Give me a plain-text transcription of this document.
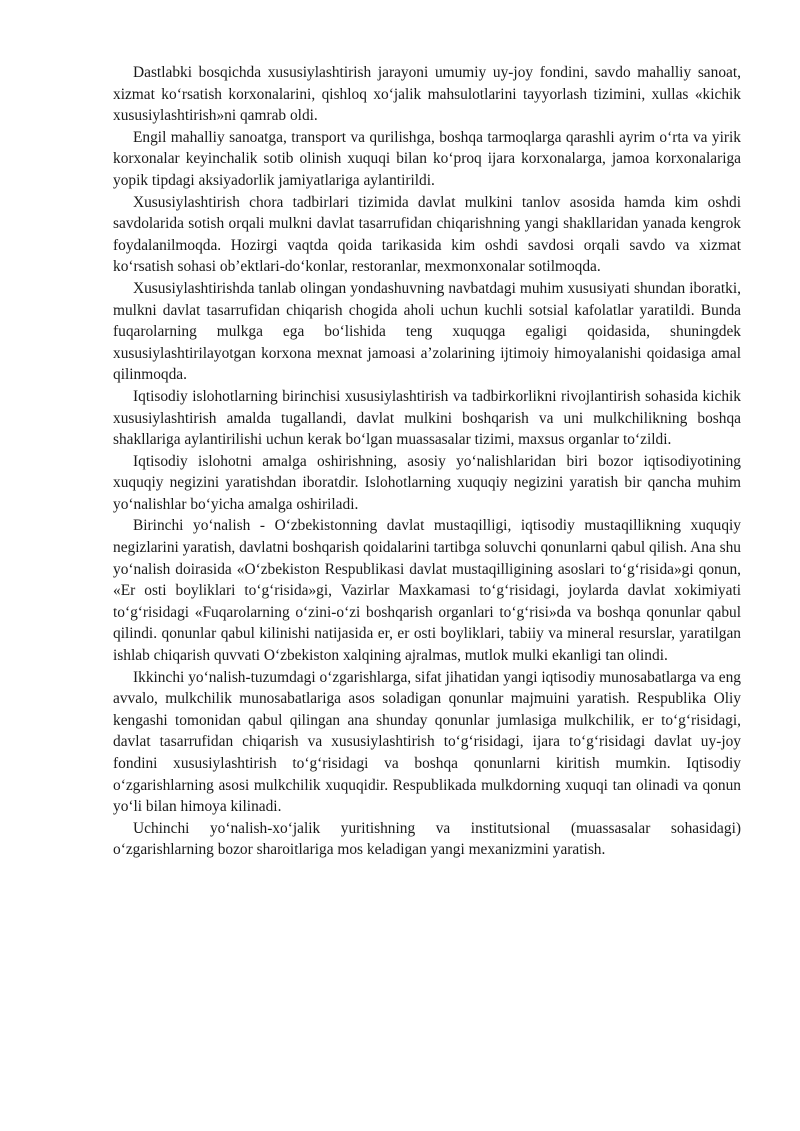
Dastlabki bosqichda xususiylashtirish jarayoni umumiy uy-joy fondini, savdo mahalliy sanoat, xizmat ko‘rsatish korxonalarini, qishloq xo‘jalik mahsulotlarini tayyorlash tizimini, xullas «kichik xususiylashtirish»ni qamrab oldi.

Engil mahalliy sanoatga, transport va qurilishga, boshqa tarmoqlarga qarashli ayrim o‘rta va yirik korxonalar keyinchalik sotib olinish xuquqi bilan ko‘proq ijara korxonalarga, jamoa korxonalariga yopik tipdagi aksiyadorlik jamiyatlariga aylantirildi.

Xususiylashtirish chora tadbirlari tizimida davlat mulkini tanlov asosida hamda kim oshdi savdolarida sotish orqali mulkni davlat tasarrufidan chiqarishning yangi shakllaridan yanada kengrok foydalanilmoqda. Hozirgi vaqtda qoida tarikasida kim oshdi savdosi orqali savdo va xizmat ko‘rsatish sohasi ob’ektlari-do‘konlar, restoranlar, mexmonxonalar sotilmoqda.

Xususiylashtirishda tanlab olingan yondashuvning navbatdagi muhim xususiyati shundan iboratki, mulkni davlat tasarrufidan chiqarish chogida aholi uchun kuchli sotsial kafolatlar yaratildi. Bunda fuqarolarning mulkga ega bo‘lishida teng xuquqga egaligi qoidasida, shuningdek xususiylashtirilayotgan korxona mexnat jamoasi a’zolarining ijtimoiy himoyalanishi qoidasiga amal qilinmoqda.

Iqtisodiy islohotlarning birinchisi xususiylashtirish va tadbirkorlikni rivojlantirish sohasida kichik xususiylashtirish amalda tugallandi, davlat mulkini boshqarish va uni mulkchilikning boshqa shakllariga aylantirilishi uchun kerak bo‘lgan muassasalar tizimi, maxsus organlar to‘zildi.

Iqtisodiy islohotni amalga oshirishning, asosiy yo‘nalishlaridan biri bozor iqtisodiyotining xuquqiy negizini yaratishdan iboratdir. Islohotlarning xuquqiy negizini yaratish bir qancha muhim yo‘nalishlar bo‘yicha amalga oshiriladi.

Birinchi yo‘nalish - O‘zbekistonning davlat mustaqilligi, iqtisodiy mustaqillikning xuquqiy negizlarini yaratish, davlatni boshqarish qoidalarini tartibga soluvchi qonunlarni qabul qilish. Ana shu yo‘nalish doirasida «O‘zbekiston Respublikasi davlat mustaqilligining asoslari to‘g‘risida»gi qonun, «Er osti boyliklari to‘g‘risida»gi, Vazirlar Maxkamasi to‘g‘risidagi, joylarda davlat xokimiyati to‘g‘risidagi «Fuqarolarning o‘zini-o‘zi boshqarish organlari to‘g‘risi»da va boshqa qonunlar qabul qilindi. qonunlar qabul kilinishi natijasida er, er osti boyliklari, tabiiy va mineral resurslar, yaratilgan ishlab chiqarish quvvati O‘zbekiston xalqining ajralmas, mutlok mulki ekanligi tan olindi.

Ikkinchi yo‘nalish-tuzumdagi o‘zgarishlarga, sifat jihatidan yangi iqtisodiy munosabatlarga va eng avvalo, mulkchilik munosabatlariga asos soladigan qonunlar majmuini yaratish. Respublika Oliy kengashi tomonidan qabul qilingan ana shunday qonunlar jumlasiga mulkchilik, er to‘g‘risidagi, davlat tasarrufidan chiqarish va xususiylashtirish to‘g‘risidagi, ijara to‘g‘risidagi davlat uy-joy fondini xususiylashtirish to‘g‘risidagi va boshqa qonunlarni kiritish mumkin. Iqtisodiy o‘zgarishlarning asosi mulkchilik xuquqidir. Respublikada mulkdorning xuquqi tan olinadi va qonun yo‘li bilan himoya kilinadi.

Uchinchi yo‘nalish-xo‘jalik yuritishning va institutsional (muassasalar sohasidagi) o‘zgarishlarning bozor sharoitlariga mos keladigan yangi mexanizmini yaratish.
